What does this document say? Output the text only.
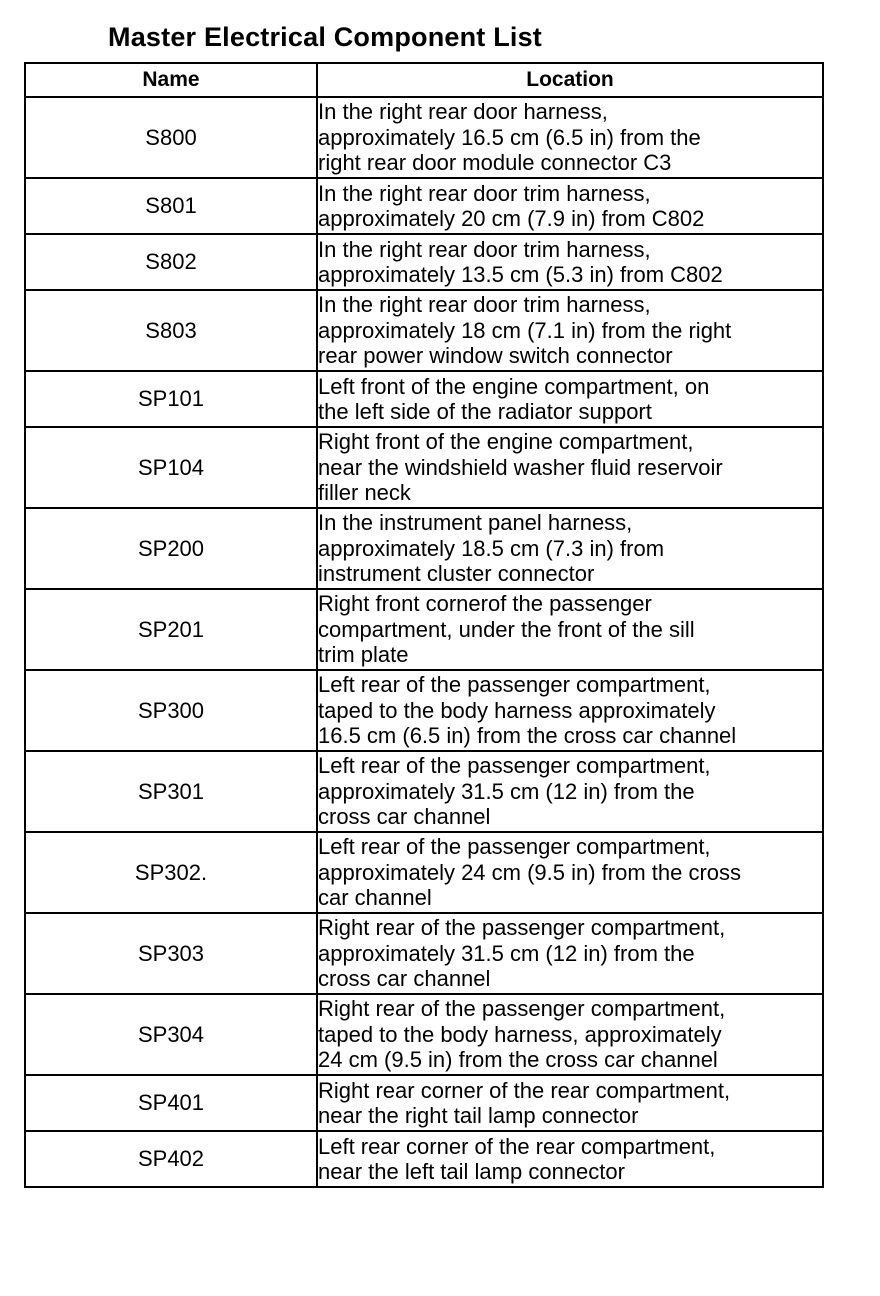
Master Electrical Component List
Name	Location
S800	In the right rear door harness,
approximately 16.5 cm (6.5 in) from the
right rear door module connector C3
S801	In the right rear door trim harness,
approximately 20 cm (7.9 in) from C802
S802	In the right rear door trim harness,
approximately 13.5 cm (5.3 in) from C802
S803	In the right rear door trim harness,
approximately 18 cm (7.1 in) from the right
rear power window switch connector
SP101	Left front of the engine compartment, on
the left side of the radiator support
SP104	Right front of the engine compartment,
near the windshield washer fluid reservoir
filler neck
SP200	In the instrument panel harness,
approximately 18.5 cm (7.3 in) from
instrument cluster connector
SP201	Right front cornerof the passenger
compartment, under the front of the sill
trim plate
SP300	Left rear of the passenger compartment,
taped to the body harness approximately
16.5 cm (6.5 in) from the cross car channel
SP301	Left rear of the passenger compartment,
approximately 31.5 cm (12 in) from the
cross car channel
SP302.	Left rear of the passenger compartment,
approximately 24 cm (9.5 in) from the cross
car channel
SP303	Right rear of the passenger compartment,
approximately 31.5 cm (12 in) from the
cross car channel
SP304	Right rear of the passenger compartment,
taped to the body harness, approximately
24 cm (9.5 in) from the cross car channel
SP401	Right rear corner of the rear compartment,
near the right tail lamp connector
SP402	Left rear corner of the rear compartment,
near the left tail lamp connector
